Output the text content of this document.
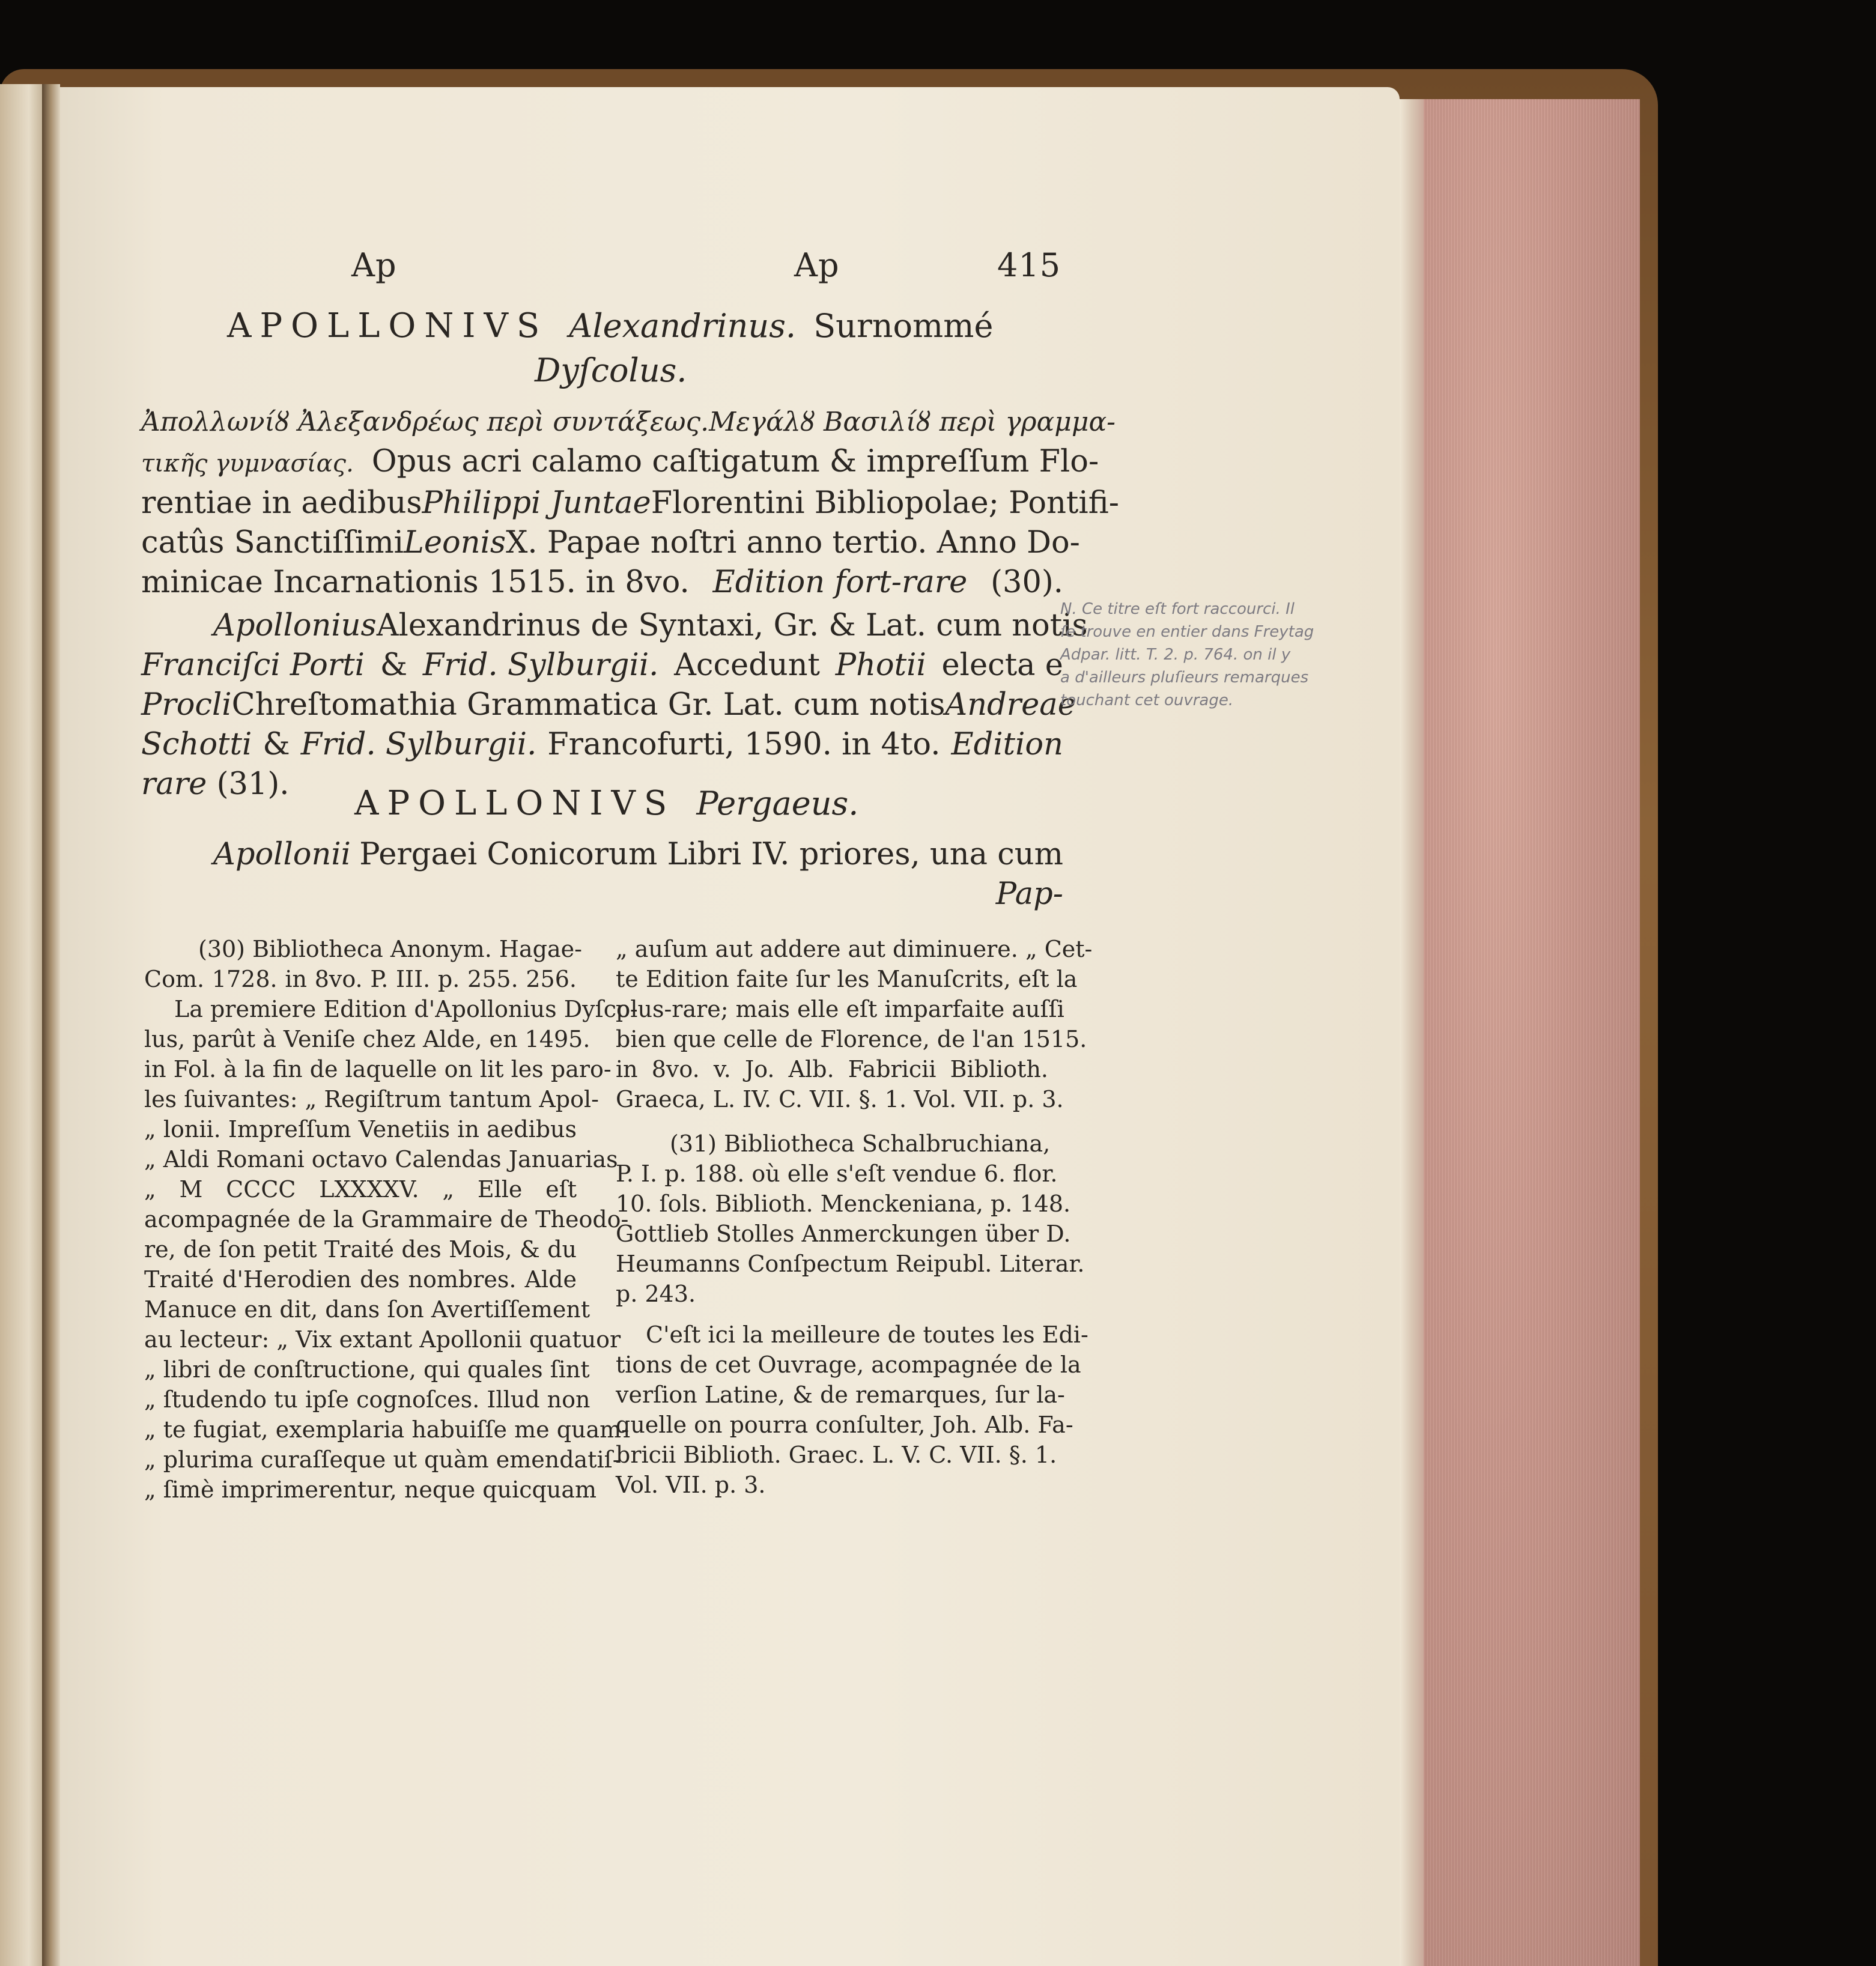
Ap	Ap	415
APOLLONIVS Alexandrinus. Surnommé
Dyſcolus.
Ἀπολλωνίȣ Ἀλεξανδρέως περὶ συντάξεως. Μεγάλȣ Βασιλίȣ περὶ γραμμα-
τικῆς γυμνασίας. Opus acri calamo caſtigatum & impreſſum Flo-
rentiae in aedibus Philippi Juntae Florentini Bibliopolae; Pontifi-
catûs Sanctiſſimi Leonis X. Papae noſtri anno tertio. Anno Do-
minicae Incarnationis 1515. in 8vo. Edition fort-rare (30).
Apollonius Alexandrinus de Syntaxi, Gr. & Lat. cum notis
Franciſci Porti & Frid. Sylburgii. Accedunt Photii electa e
Procli Chreſtomathia Grammatica Gr. Lat. cum notis Andreae
Schotti & Frid. Sylburgii. Francofurti, 1590. in 4to. Edition
rare (31).	APOLLONIVS Pergaeus.
Apollonii Pergaei Conicorum Libri IV. priores, una cum
Pap-
(30) Bibliotheca Anonym. Hagae-
Com. 1728. in 8vo. P. III. p. 255. 256.
La premiere Edition d'Apollonius Dyſco-
lus, parût à Veniſe chez Alde, en 1495.
in Fol. à la fin de laquelle on lit les paro-
les ſuivantes: „ Regiſtrum tantum Apol-
„ lonii. Impreſſum Venetiis in aedibus
„ Aldi Romani octavo Calendas Januarias
„ M CCCC LXXXXV. „ Elle eſt
acompagnée de la Grammaire de Theodo-
re, de ſon petit Traité des Mois, & du
Traité d'Herodien des nombres. Alde
Manuce en dit, dans ſon Avertiſſement
au lecteur: „ Vix extant Apollonii quatuor
„ libri de conſtructione, qui quales ſint
„ ſtudendo tu ipſe cognoſces. Illud non
„ te fugiat, exemplaria habuiſſe me quam-
„ plurima curaſſeque ut quàm emendatiſ-
„ ſimè imprimerentur, neque quicquam
„ auſum aut addere aut diminuere. „ Cet-
te Edition faite ſur les Manuſcrits, eſt la
plus-rare; mais elle eſt imparfaite auſſi
bien que celle de Florence, de l'an 1515.
in 8vo. v. Jo. Alb. Fabricii Biblioth.
Graeca, L. IV. C. VII. §. 1. Vol. VII. p. 3.
(31) Bibliotheca Schalbruchiana,
P. I. p. 188. où elle s'eſt vendue 6. flor.
10. ſols. Biblioth. Menckeniana, p. 148.
Gottlieb Stolles Anmerckungen über D.
Heumanns Conſpectum Reipubl. Literar.
p. 243.
C'eſt ici la meilleure de toutes les Edi-
tions de cet Ouvrage, acompagnée de la
verſion Latine, & de remarques, ſur la-
quelle on pourra conſulter, Joh. Alb. Fa-
bricii Biblioth. Graec. L. V. C. VII. §. 1.
Vol. VII. p. 3.
N. Ce titre eſt fort raccourci. Il
ſe trouve en entier dans Freytag
Adpar. litt. T. 2. p. 764. on il y
a d'ailleurs pluſieurs remarques
touchant cet ouvrage.
